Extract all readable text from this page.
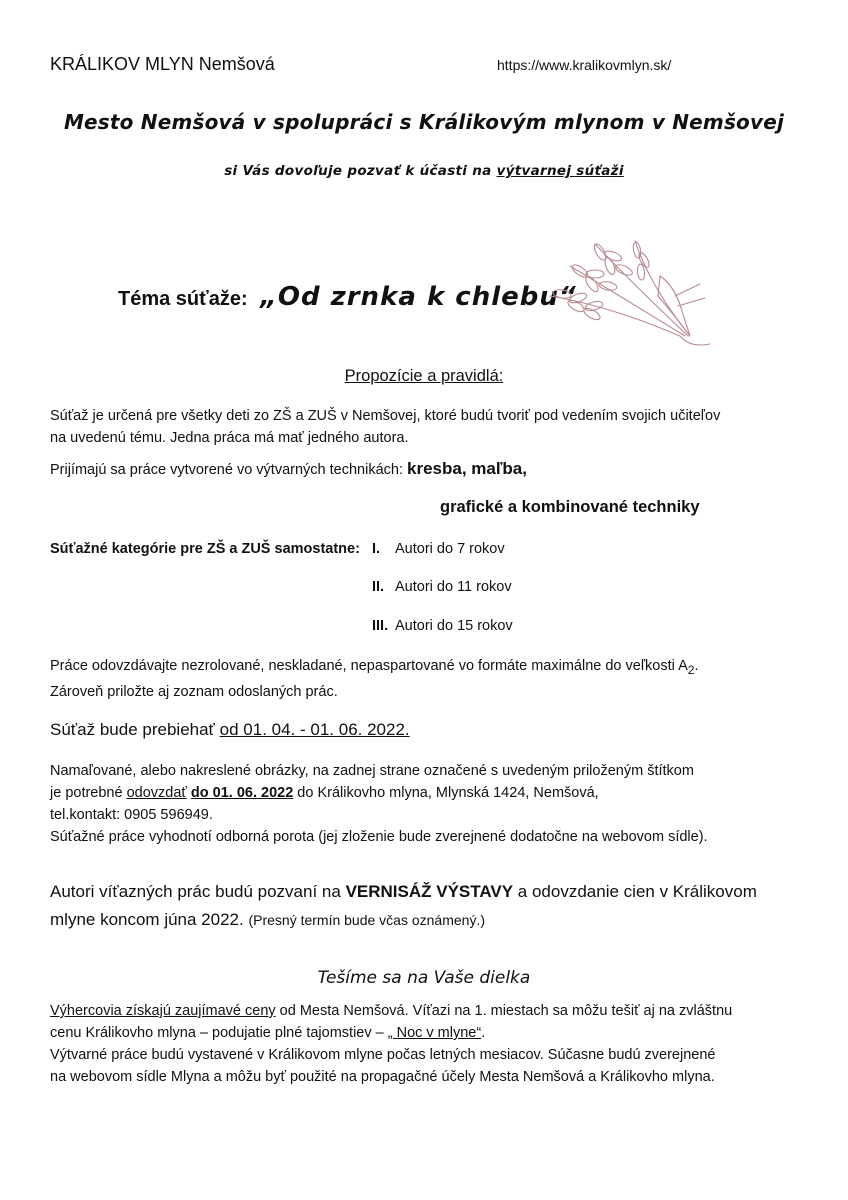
KRÁLIKOV MLYN Nemšová	https://www.kralikovmlyn.sk/
Mesto Nemšová v spolupráci s Králikovým mlynom v Nemšovej
si Vás dovoľuje pozvať k účasti na výtvarnej súťaži
Téma súťaže: „Od zrnka k chlebu“
Propozície a pravidlá:
Súťaž je určená pre všetky deti zo ZŠ a ZUŠ v Nemšovej, ktoré budú tvoriť pod vedením svojich učiteľov
na uvedenú tému. Jedna práca má mať jedného autora.
Prijímajú sa práce vytvorené vo výtvarných technikách: kresba, maľba,
grafické a kombinované techniky
Súťažné kategórie pre ZŠ a ZUŠ samostatne: I. Autori do 7 rokov
II. Autori do 11 rokov
III. Autori do 15 rokov
Práce odovzdávajte nezrolované, neskladané, nepaspartované vo formáte maximálne do veľkosti $A_2$.
Zároveň priložte aj zoznam odoslaných prác.
Súťaž bude prebiehať od 01. 04. - 01. 06. 2022.
Namaľované, alebo nakreslené obrázky, na zadnej strane označené s uvedeným priloženým štítkom
je potrebné odovzdať do 01. 06. 2022 do Králikovho mlyna, Mlynská 1424, Nemšová,
tel.kontakt: 0905 596949.
Súťažné práce vyhodnotí odborná porota (jej zloženie bude zverejnené dodatočne na webovom sídle).
Autori víťazných prác budú pozvaní na VERNISÁŽ VÝSTAVY a odovzdanie cien v Králikovom
mlyne koncom júna 2022. (Presný termín bude včas oznámený.)
Tešíme sa na Vaše dielka
Výhercovia získajú zaujímavé ceny od Mesta Nemšová. Víťazi na 1. miestach sa môžu tešiť aj na zvláštnu
cenu Králikovho mlyna – podujatie plné tajomstiev – „ Noc v mlyne“.
Výtvarné práce budú vystavené v Králikovom mlyne počas letných mesiacov. Súčasne budú zverejnené
na webovom sídle Mlyna a môžu byť použité na propagačné účely Mesta Nemšová a Králikovho mlyna.
